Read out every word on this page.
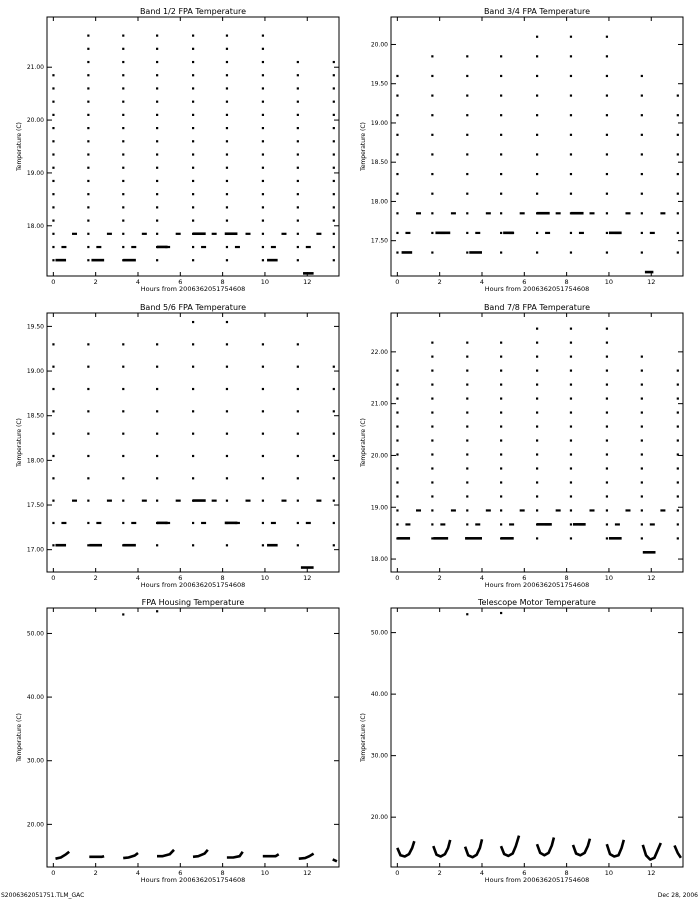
Band 1/2 FPA Temperature
Hours from 2006362051754608
Temperature (C)
0	2	4	6	8	10	12
18.00
19.00
20.00
21.00
Band 3/4 FPA Temperature
Hours from 2006362051754608
Temperature (C)
0	2	4	6	8	10	12
17.50
18.00
18.50
19.00
19.50
20.00
Band 5/6 FPA Temperature
Hours from 2006362051754608
Temperature (C)
0	2	4	6	8	10	12
17.00
17.50
18.00
18.50
19.00
19.50
Band 7/8 FPA Temperature
Hours from 2006362051754608
Temperature (C)
0	2	4	6	8	10	12
18.00
19.00
20.00
21.00
22.00
FPA Housing Temperature
Hours from 2006362051754608
Temperature (C)
0	2	4	6	8	10	12
20.00
30.00
40.00
50.00
Telescope Motor Temperature
Hours from 2006362051754608
Temperature (C)
0	2	4	6	8	10	12
20.00
30.00
40.00
50.00
S2006362051751.TLM_GAC	Dec 28, 2006
